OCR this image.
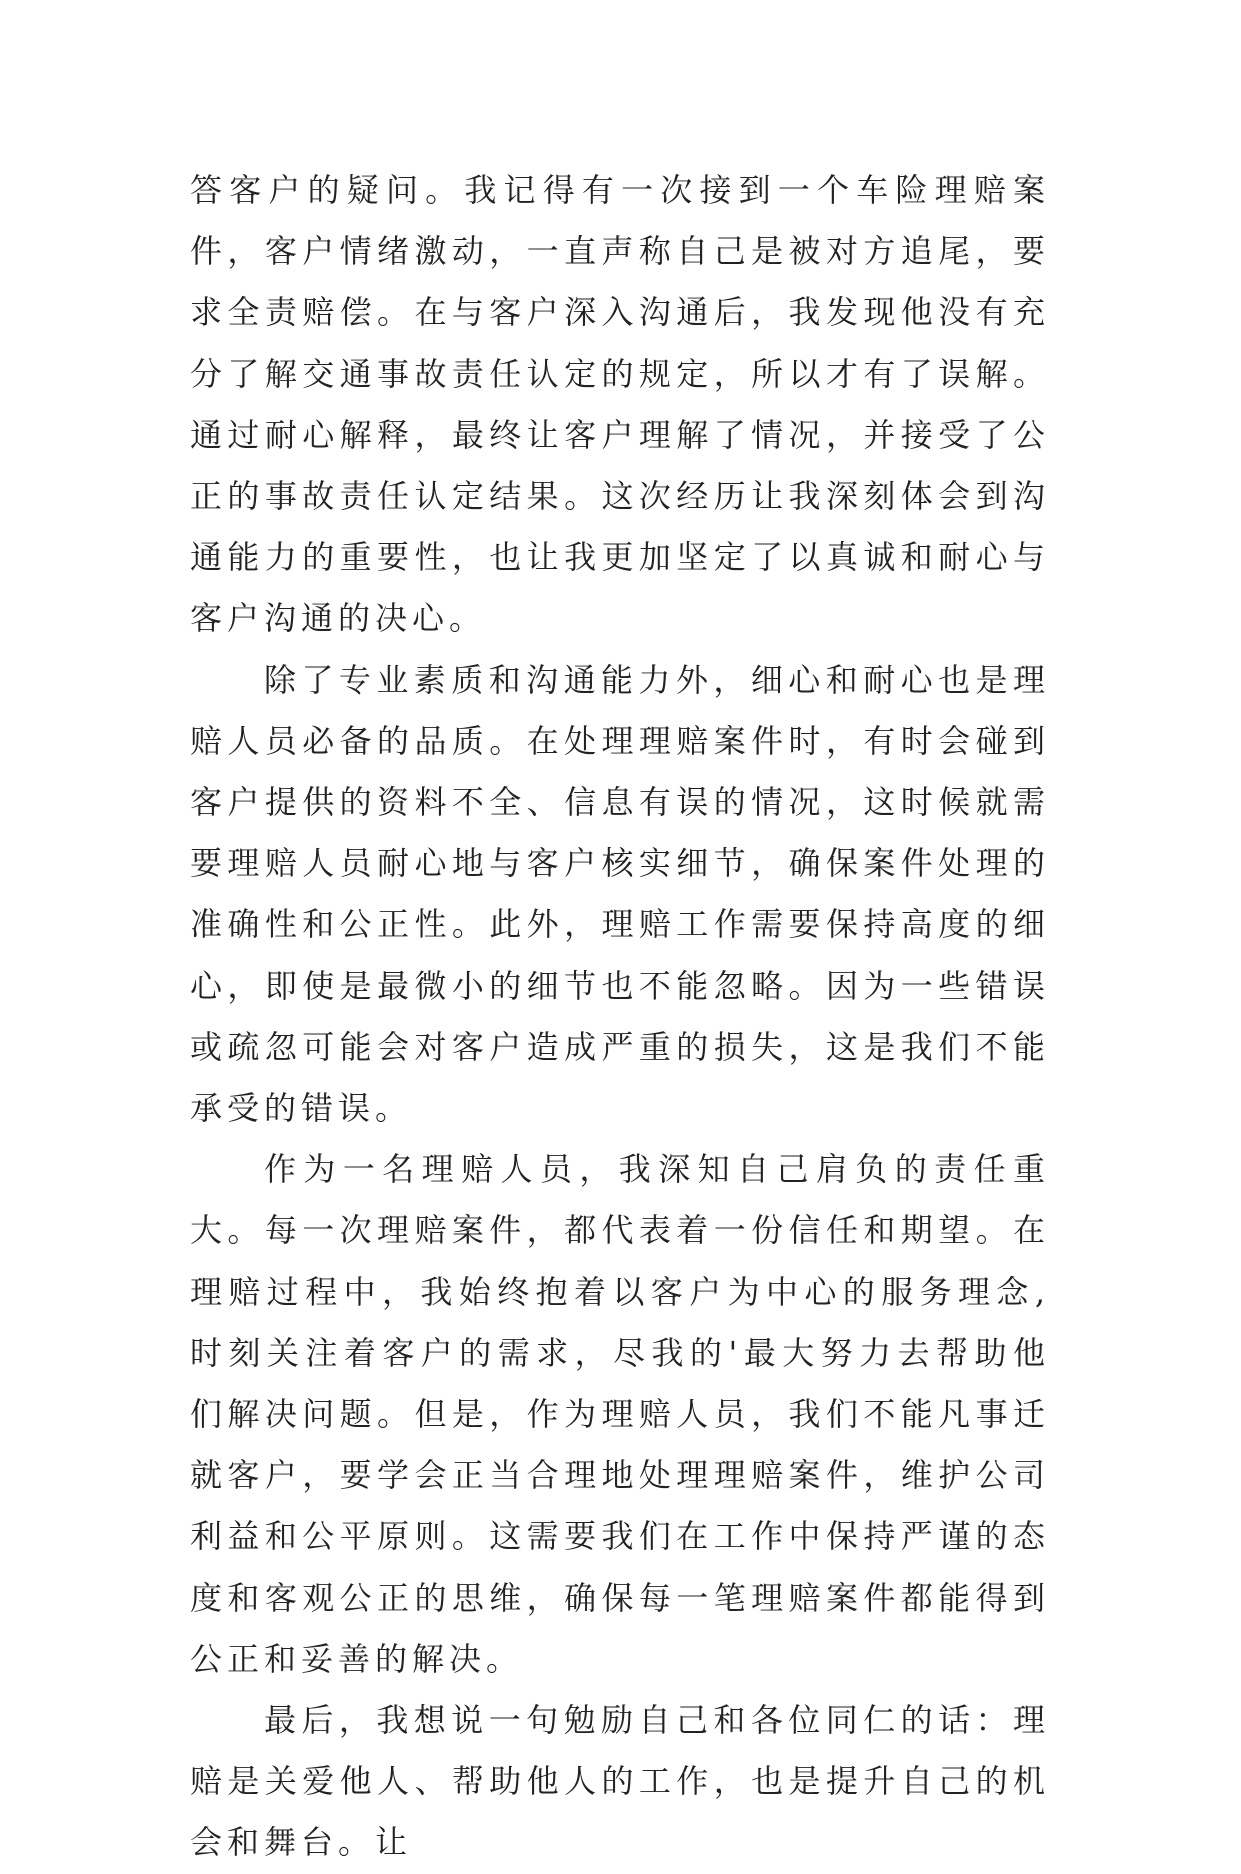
答客户的疑问。我记得有一次接到一个车险理赔案件，客户情绪激动，一直声称自己是被对方追尾，要求全责赔偿。在与客户深入沟通后，我发现他没有充分了解交通事故责任认定的规定，所以才有了误解。通过耐心解释，最终让客户理解了情况，并接受了公正的事故责任认定结果。这次经历让我深刻体会到沟通能力的重要性，也让我更加坚定了以真诚和耐心与客户沟通的决心。

除了专业素质和沟通能力外，细心和耐心也是理赔人员必备的品质。在处理理赔案件时，有时会碰到客户提供的资料不全、信息有误的情况，这时候就需要理赔人员耐心地与客户核实细节，确保案件处理的准确性和公正性。此外，理赔工作需要保持高度的细心，即使是最微小的细节也不能忽略。因为一些错误或疏忽可能会对客户造成严重的损失，这是我们不能承受的错误。

作为一名理赔人员，我深知自己肩负的责任重大。每一次理赔案件，都代表着一份信任和期望。在理赔过程中，我始终抱着以客户为中心的服务理念,时刻关注着客户的需求，尽我的'最大努力去帮助他们解决问题。但是，作为理赔人员，我们不能凡事迁就客户，要学会正当合理地处理理赔案件，维护公司利益和公平原则。这需要我们在工作中保持严谨的态度和客观公正的思维，确保每一笔理赔案件都能得到公正和妥善的解决。

最后，我想说一句勉励自己和各位同仁的话：理赔是关爱他人、帮助他人的工作，也是提升自己的机会和舞台。让
